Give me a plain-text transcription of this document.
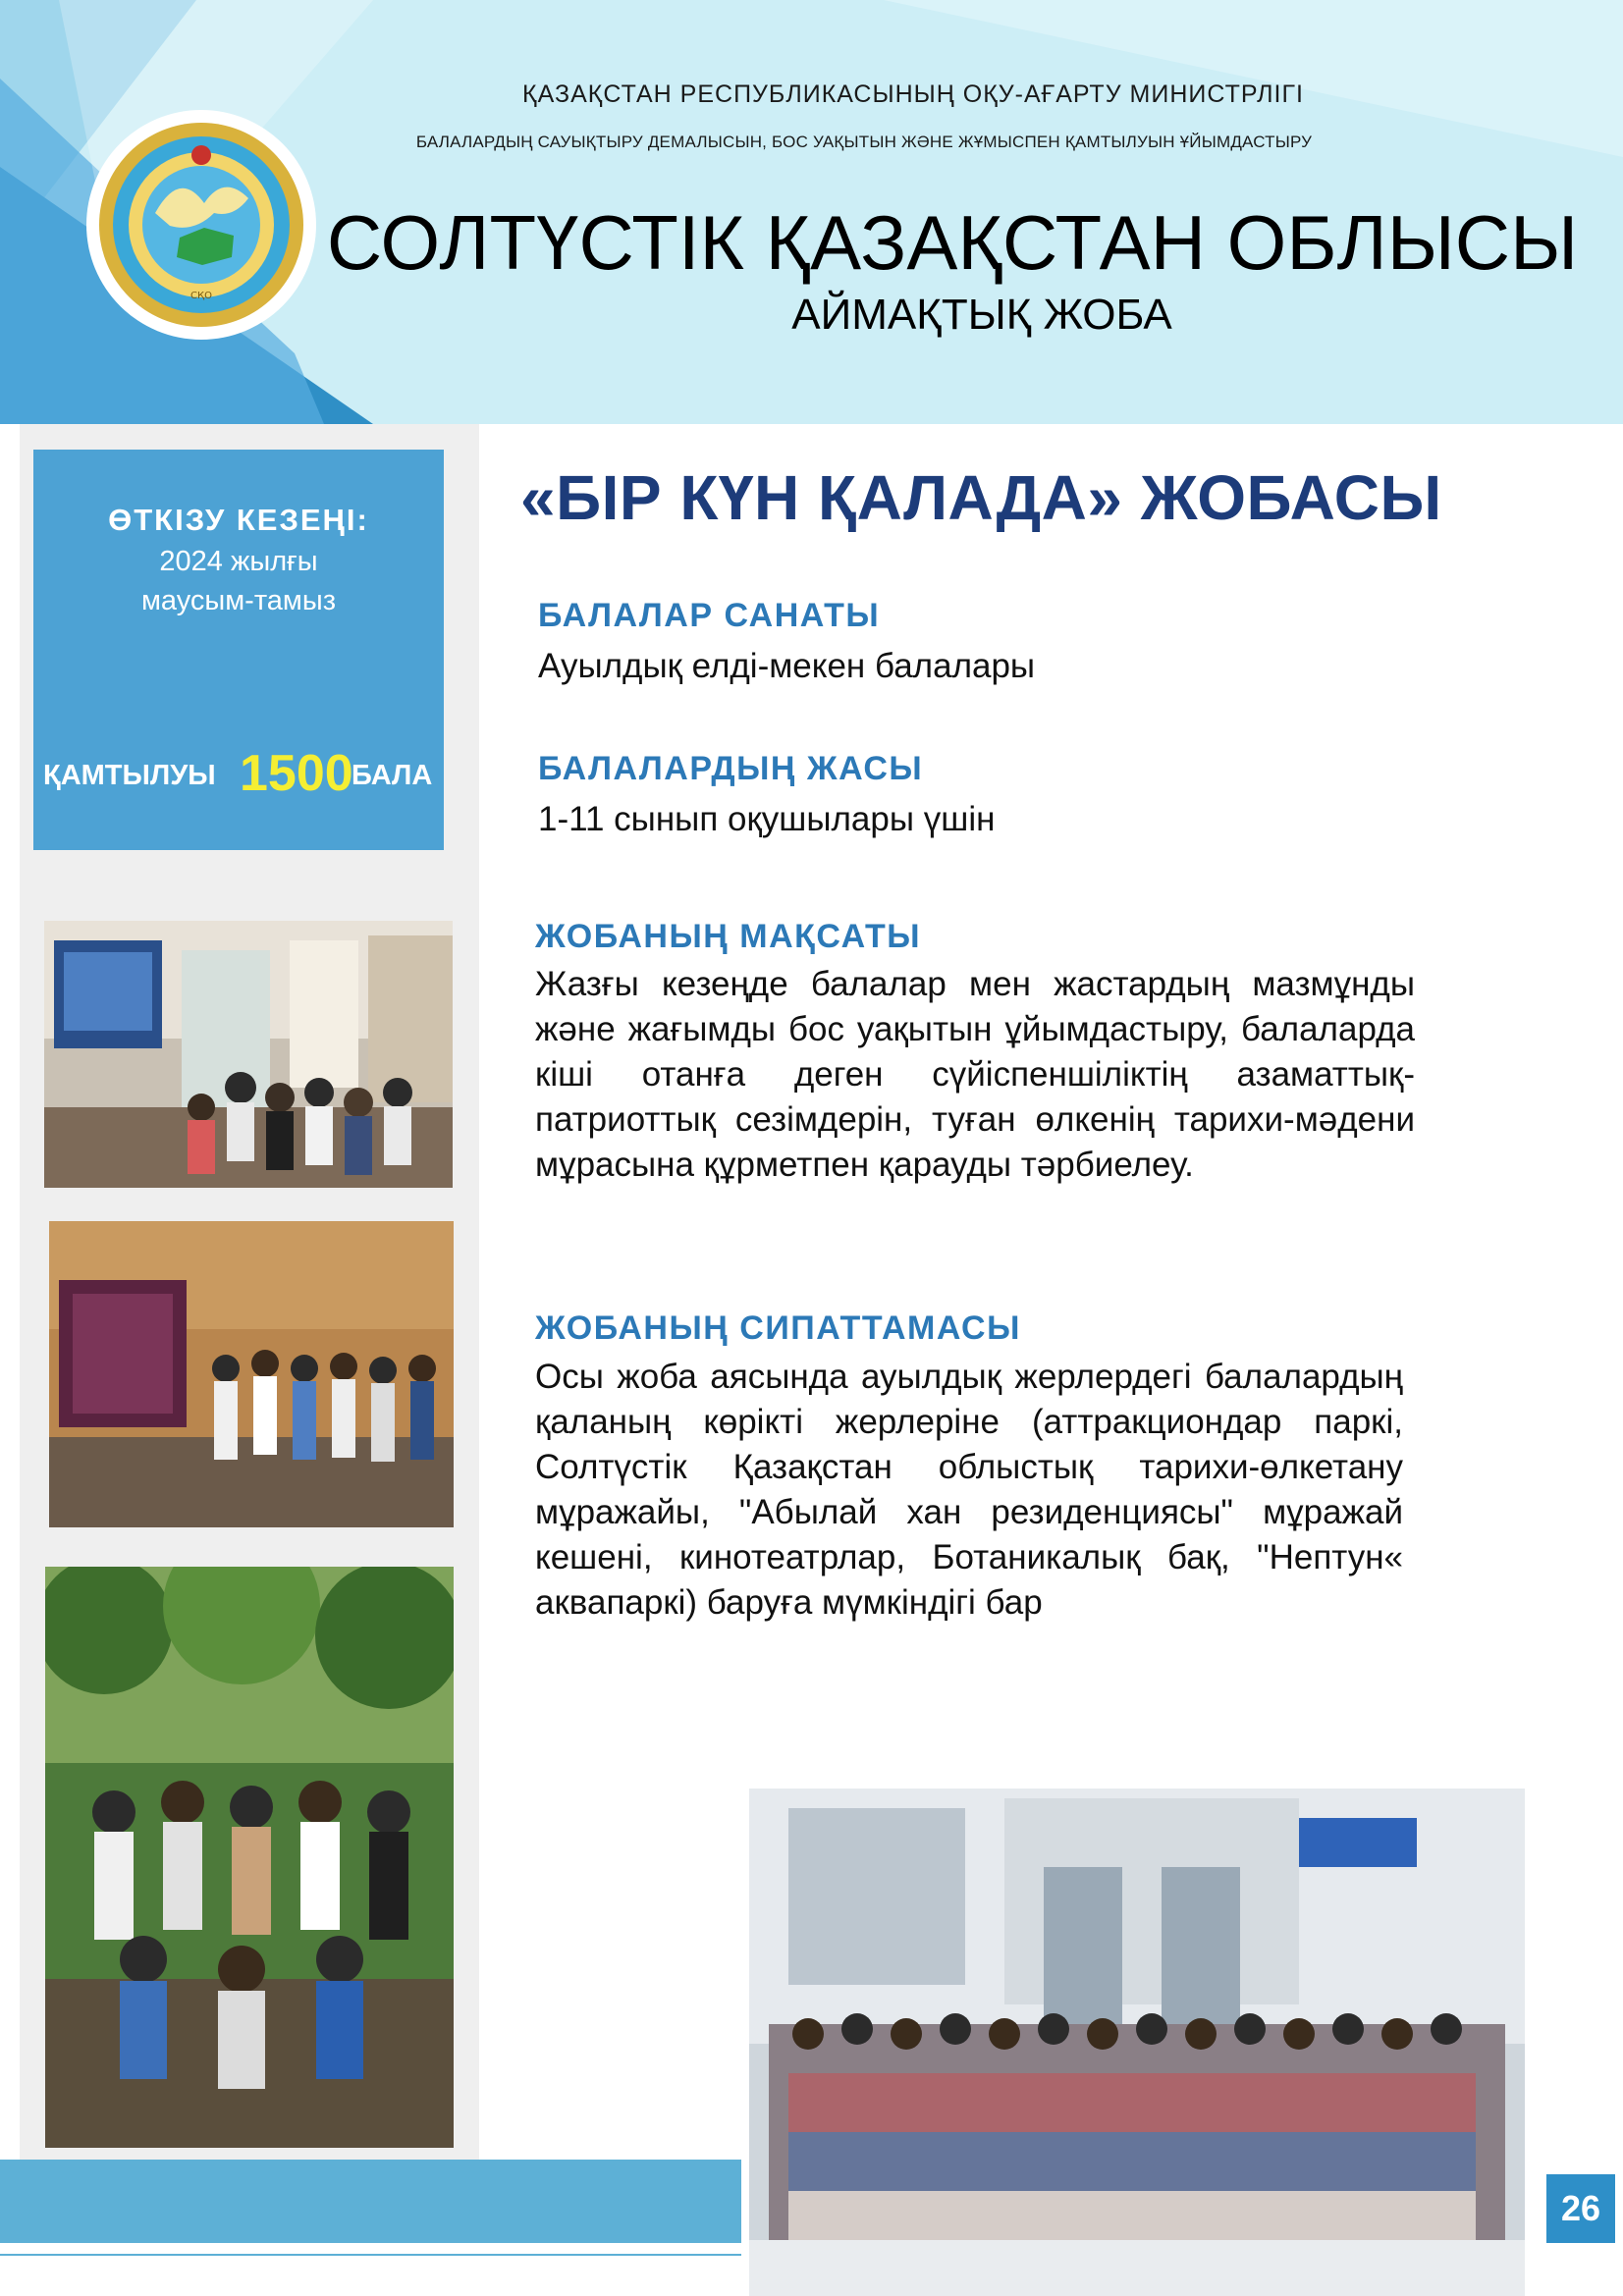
СҚО
ҚАЗАҚСТАН РЕСПУБЛИКАСЫНЫҢ ОҚУ-АҒАРТУ МИНИСТРЛІГІ
БАЛАЛАРДЫҢ САУЫҚТЫРУ ДЕМАЛЫСЫН, БОС УАҚЫТЫН ЖӘНЕ ЖҰМЫСПЕН ҚАМТЫЛУЫН ҰЙЫМДАСТЫРУ
СОЛТҮСТІК ҚАЗАҚСТАН ОБЛЫСЫ
АЙМАҚТЫҚ ЖОБА
ӨТКІЗУ КЕЗЕҢІ:
2024 жылғы
маусым-тамыз
ҚАМТЫЛУЫ 1500
БАЛА
«БІР КҮН ҚАЛАДА» ЖОБАСЫ
БАЛАЛАР САНАТЫ
Ауылдық елді-мекен балалары
БАЛАЛАРДЫҢ ЖАСЫ
1-11 сынып оқушылары үшін
ЖОБАНЫҢ МАҚСАТЫ
Жазғы кезеңде балалар мен жастардың мазмұнды және жағымды бос уақытын ұйымдастыру, балаларда кіші отанға деген сүйіспеншіліктің азаматтық-патриоттық сезімдерін, туған өлкенің тарихи-мәдени мұрасына құрметпен қарауды тәрбиелеу.
ЖОБАНЫҢ СИПАТТАМАСЫ
Осы жоба аясында ауылдық жерлердегі балалардың қаланың көрікті жерлеріне (аттракциондар паркі, Солтүстік Қазақстан облыстық тарихи-өлкетану мұражайы, "Абылай хан резиденциясы" мұражай кешені, кинотеатрлар, Ботаникалық бақ, "Нептун« аквапаркі) баруға мүмкіндігі бар
26
